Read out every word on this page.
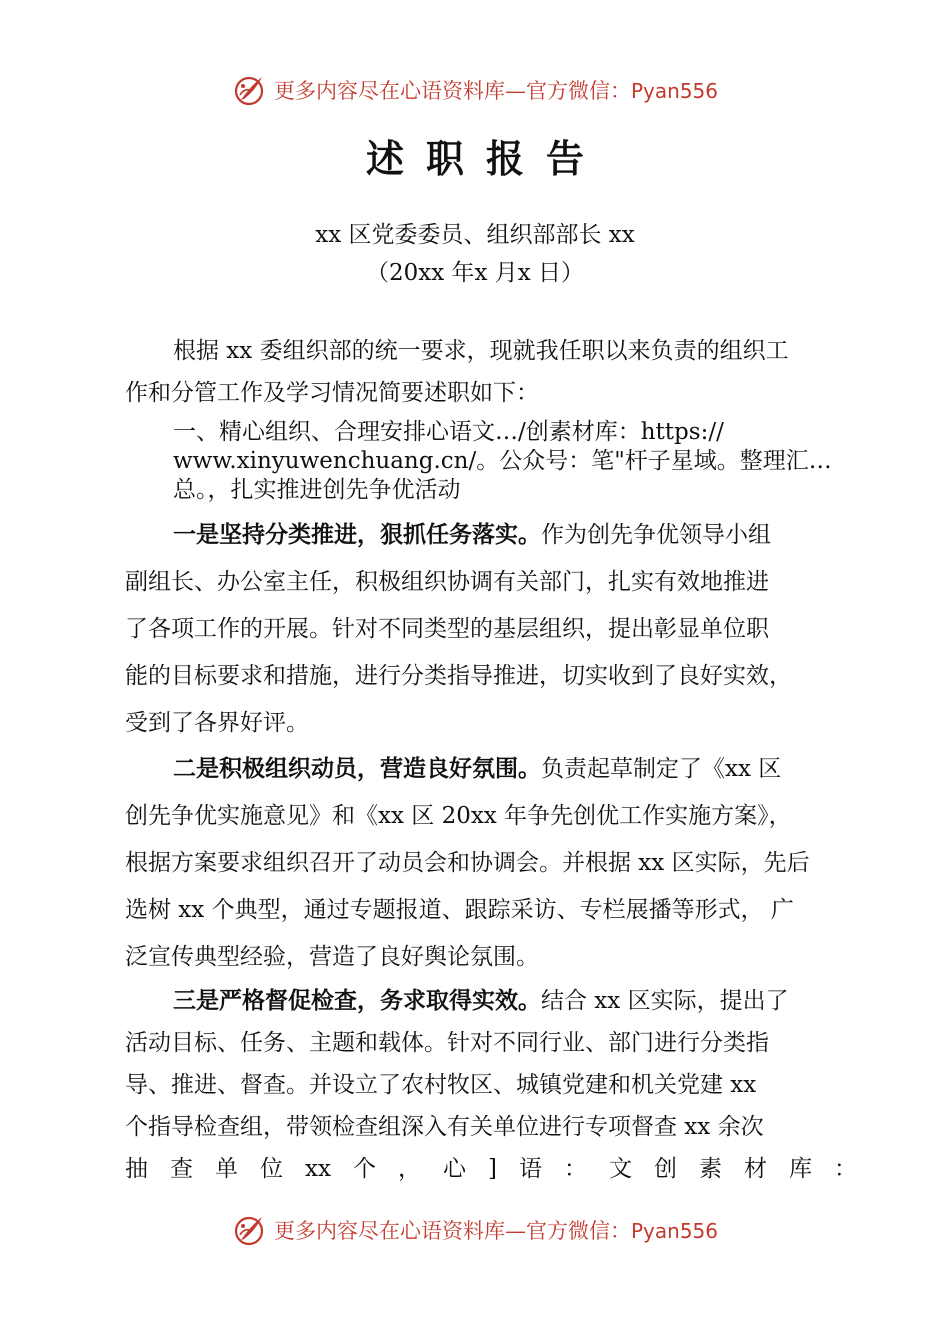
更多内容尽在心语资料库—官方微信：Pyan556
述职报告
xx 区党委委员、组织部部长 xx
（20xx 年x 月x 日）
根据 xx 委组织部的统一要求，现就我任职以来负责的组织工
作和分管工作及学习情况简要述职如下：
一、精心组织、合理安排心语文…/创素材库：https://
www.xinyuwenchuang.cn/。公众号：笔"杆子星域。整理汇…
总。，扎实推进创先争优活动
一是坚持分类推进，狠抓任务落实。作为创先争优领导小组
副组长、办公室主任，积极组织协调有关部门，扎实有效地推进
了各项工作的开展。针对不同类型的基层组织，提出彰显单位职
能的目标要求和措施，进行分类指导推进，切实收到了良好实效，
受到了各界好评。
二是积极组织动员，营造良好氛围。负责起草制定了《xx 区
创先争优实施意见》和《xx 区 20xx 年争先创优工作实施方案》，
根据方案要求组织召开了动员会和协调会。并根据 xx 区实际，先后
选树 xx 个典型，通过专题报道、跟踪采访、专栏展播等形式， 广
泛宣传典型经验，营造了良好舆论氛围。
三是严格督促检查，务求取得实效。结合 xx 区实际，提出了
活动目标、任务、主题和载体。针对不同行业、部门进行分类指
导、推进、督查。并设立了农村牧区、城镇党建和机关党建 xx
个指导检查组，带领检查组深入有关单位进行专项督查 xx 余次
抽 查 单 位 xx 个 ， 心 ] 语 ： 文 创 素 材 库 ：
更多内容尽在心语资料库—官方微信：Pyan556
